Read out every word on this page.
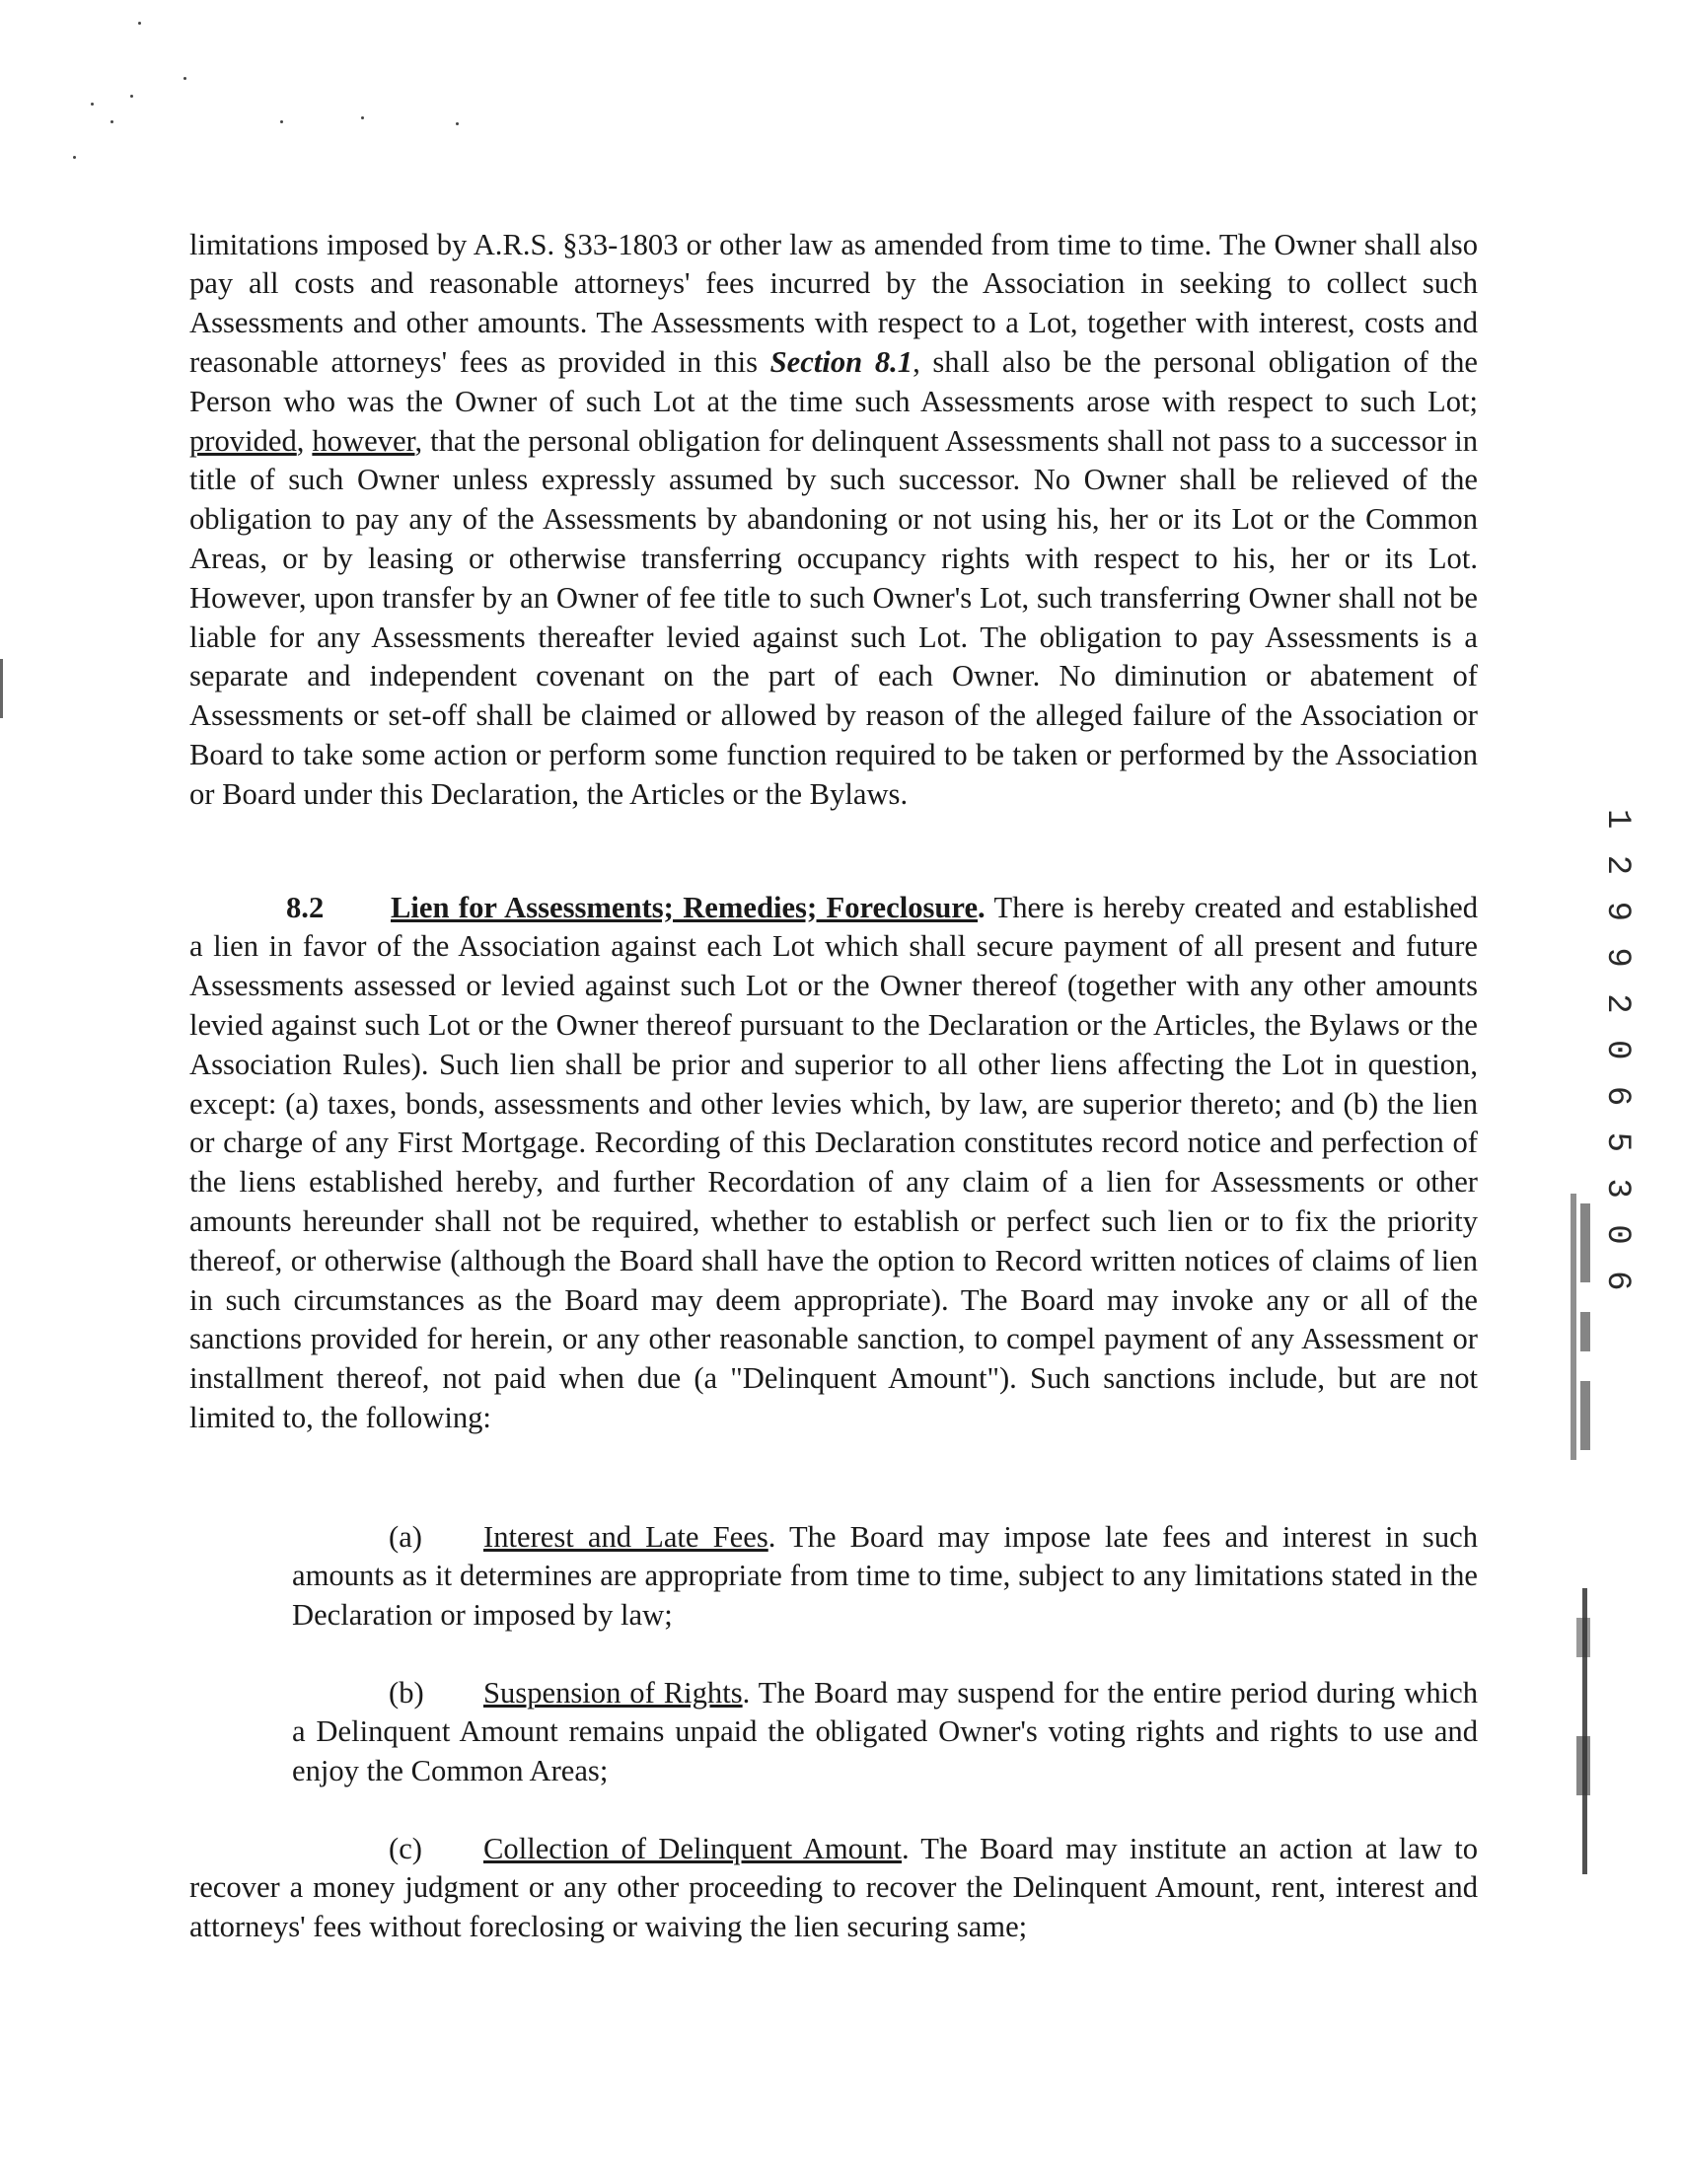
limitations imposed by A.R.S. §33-1803 or other law as amended from time to time. The Owner shall also pay all costs and reasonable attorneys' fees incurred by the Association in seeking to collect such Assessments and other amounts. The Assessments with respect to a Lot, together with interest, costs and reasonable attorneys' fees as provided in this Section 8.1, shall also be the personal obligation of the Person who was the Owner of such Lot at the time such Assessments arose with respect to such Lot; provided, however, that the personal obligation for delinquent Assessments shall not pass to a successor in title of such Owner unless expressly assumed by such successor. No Owner shall be relieved of the obligation to pay any of the Assessments by abandoning or not using his, her or its Lot or the Common Areas, or by leasing or otherwise transferring occupancy rights with respect to his, her or its Lot. However, upon transfer by an Owner of fee title to such Owner's Lot, such transferring Owner shall not be liable for any Assessments thereafter levied against such Lot. The obligation to pay Assessments is a separate and independent covenant on the part of each Owner. No diminution or abatement of Assessments or set-off shall be claimed or allowed by reason of the alleged failure of the Association or Board to take some action or perform some function required to be taken or performed by the Association or Board under this Declaration, the Articles or the Bylaws.

8.2 Lien for Assessments; Remedies; Foreclosure. There is hereby created and established a lien in favor of the Association against each Lot which shall secure payment of all present and future Assessments assessed or levied against such Lot or the Owner thereof (together with any other amounts levied against such Lot or the Owner thereof pursuant to the Declaration or the Articles, the Bylaws or the Association Rules). Such lien shall be prior and superior to all other liens affecting the Lot in question, except: (a) taxes, bonds, assessments and other levies which, by law, are superior thereto; and (b) the lien or charge of any First Mortgage. Recording of this Declaration constitutes record notice and perfection of the liens established hereby, and further Recordation of any claim of a lien for Assessments or other amounts hereunder shall not be required, whether to establish or perfect such lien or to fix the priority thereof, or otherwise (although the Board shall have the option to Record written notices of claims of lien in such circumstances as the Board may deem appropriate). The Board may invoke any or all of the sanctions provided for herein, or any other reasonable sanction, to compel payment of any Assessment or installment thereof, not paid when due (a "Delinquent Amount"). Such sanctions include, but are not limited to, the following:

(a) Interest and Late Fees. The Board may impose late fees and interest in such amounts as it determines are appropriate from time to time, subject to any limitations stated in the Declaration or imposed by law;

(b) Suspension of Rights. The Board may suspend for the entire period during which a Delinquent Amount remains unpaid the obligated Owner's voting rights and rights to use and enjoy the Common Areas;

(c) Collection of Delinquent Amount. The Board may institute an action at law to recover a money judgment or any other proceeding to recover the Delinquent Amount, rent, interest and attorneys' fees without foreclosing or waiving the lien securing same;

1 2 9 9 2 0 6 5 3 0 6
